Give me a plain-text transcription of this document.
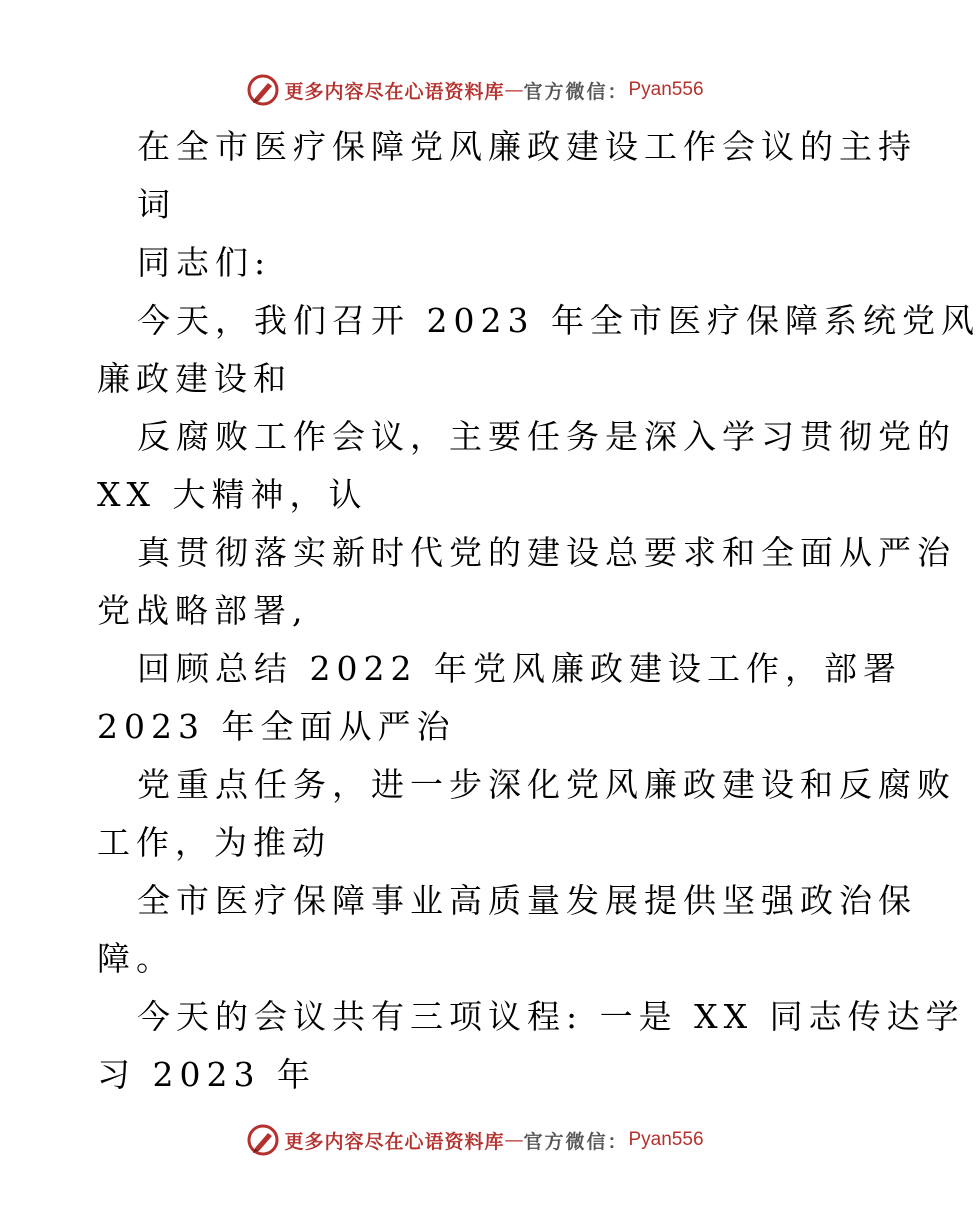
更多内容尽在心语资料库 — 官方微信： Pyan556
在全市医疗保障党风廉政建设工作会议的主持
词
同志们:
今天，我们召开 2023 年全市医疗保障系统党风
廉政建设和
反腐败工作会议，主要任务是深入学习贯彻党的
XX 大精神，认
真贯彻落实新时代党的建设总要求和全面从严治
党战略部署,
回顾总结 2022 年党风廉政建设工作，部署
2023 年全面从严治
党重点任务，进一步深化党风廉政建设和反腐败
工作，为推动
全市医疗保障事业高质量发展提供坚强政治保
障。
今天的会议共有三项议程: 一是 XX 同志传达学
习 2023 年
更多内容尽在心语资料库 — 官方微信： Pyan556
